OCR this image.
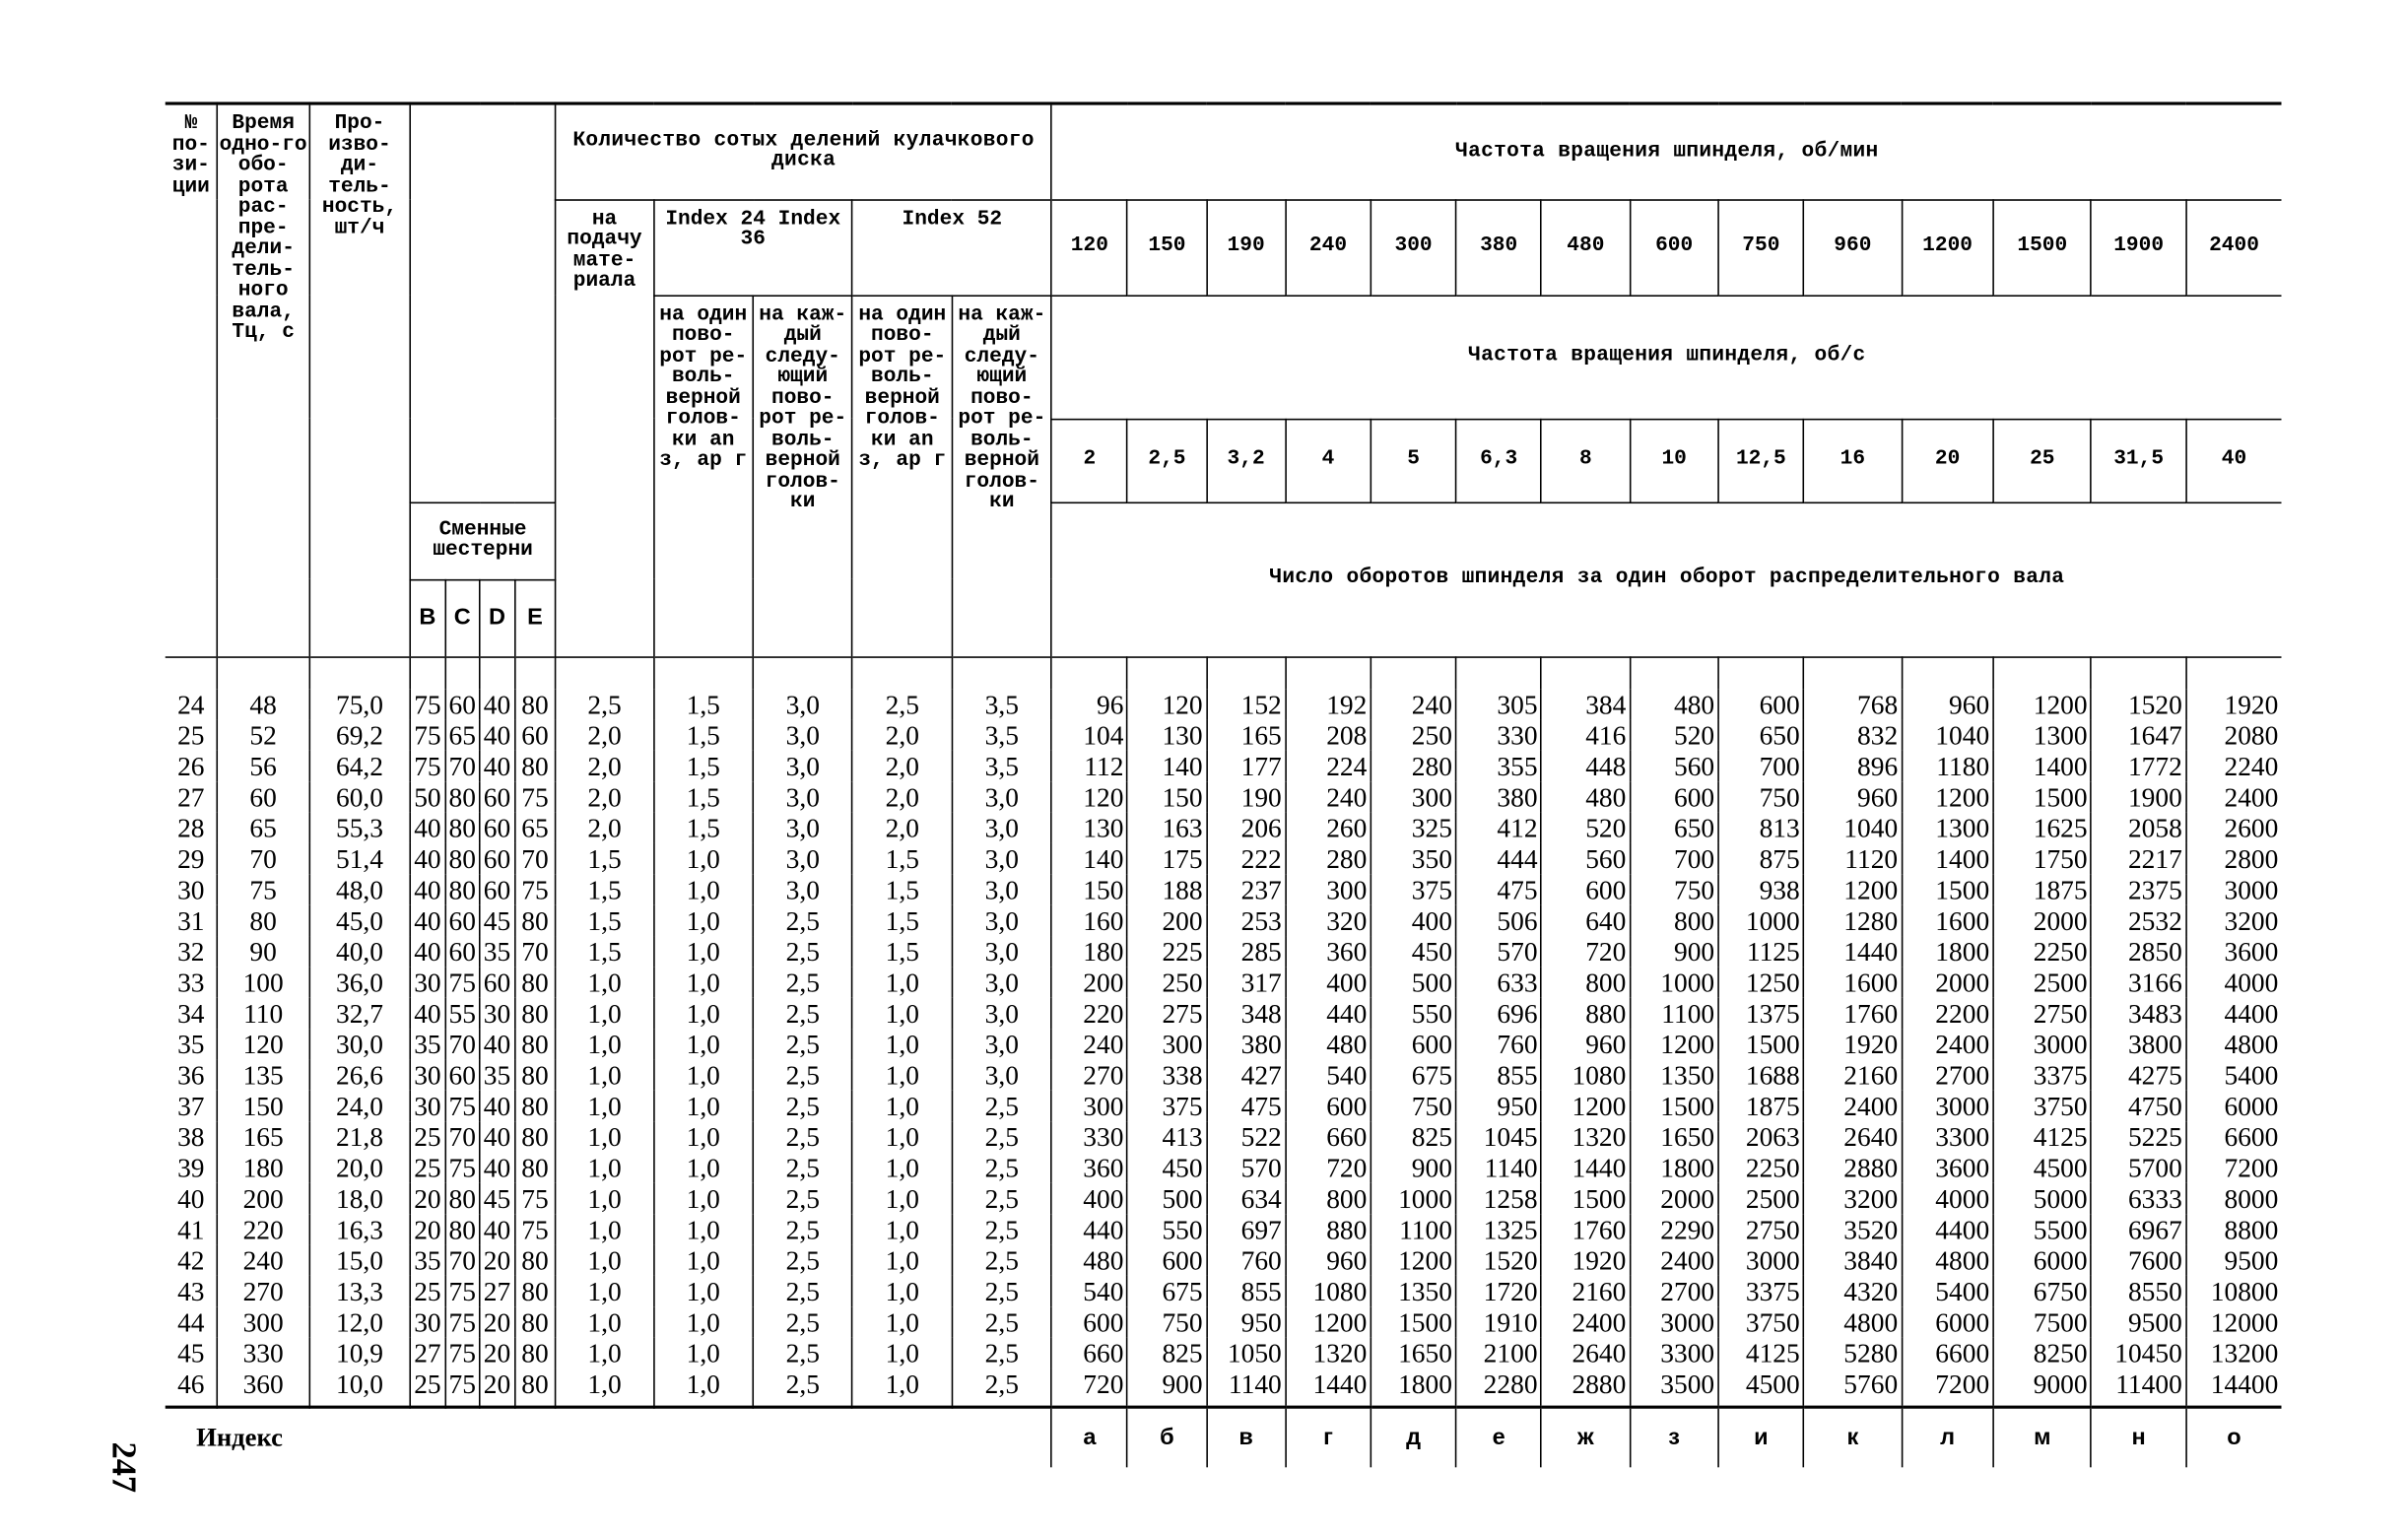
247
№ по-зи-ции	Время одно-го обо-рота рас-пре-дели-тель-ного вала, Тц, с	Про-изво-ди-тель-ность, шт/ч					Количество сотых делений кулачкового диска					Частота вращения шпинделя, об/мин													
							на подачу мате-риала	Index 24 Index 36		Index 52		120	150	190	240	300	380	480	600	750	960	1200	1500	1900	2400
								на один пово-рот ре-воль-верной голов-ки аn з, аp г	на каж-дый следу-ющий пово-рот ре-воль-верной голов-ки	на один пово-рот ре-воль-верной голов-ки аn з, аp г	на каж-дый следу-ющий пово-рот ре-воль-верной голов-ки	Частота вращения шпинделя, об/с													
												2	2,5	3,2	4	5	6,3	8	10	12,5	16	20	25	31,5	40
			Сменные шестерни									Число оборотов шпинделя за один оборот распределительного вала													
			B	C	D	E																			

24	48	75,0	75	60	40	80	2,5	1,5	3,0	2,5	3,5	96	120	152	192	240	305	384	480	600	768	960	1200	1520	1920
25	52	69,2	75	65	40	60	2,0	1,5	3,0	2,0	3,5	104	130	165	208	250	330	416	520	650	832	1040	1300	1647	2080
26	56	64,2	75	70	40	80	2,0	1,5	3,0	2,0	3,5	112	140	177	224	280	355	448	560	700	896	1180	1400	1772	2240
27	60	60,0	50	80	60	75	2,0	1,5	3,0	2,0	3,0	120	150	190	240	300	380	480	600	750	960	1200	1500	1900	2400
28	65	55,3	40	80	60	65	2,0	1,5	3,0	2,0	3,0	130	163	206	260	325	412	520	650	813	1040	1300	1625	2058	2600
29	70	51,4	40	80	60	70	1,5	1,0	3,0	1,5	3,0	140	175	222	280	350	444	560	700	875	1120	1400	1750	2217	2800
30	75	48,0	40	80	60	75	1,5	1,0	3,0	1,5	3,0	150	188	237	300	375	475	600	750	938	1200	1500	1875	2375	3000
31	80	45,0	40	60	45	80	1,5	1,0	2,5	1,5	3,0	160	200	253	320	400	506	640	800	1000	1280	1600	2000	2532	3200
32	90	40,0	40	60	35	70	1,5	1,0	2,5	1,5	3,0	180	225	285	360	450	570	720	900	1125	1440	1800	2250	2850	3600
33	100	36,0	30	75	60	80	1,0	1,0	2,5	1,0	3,0	200	250	317	400	500	633	800	1000	1250	1600	2000	2500	3166	4000
34	110	32,7	40	55	30	80	1,0	1,0	2,5	1,0	3,0	220	275	348	440	550	696	880	1100	1375	1760	2200	2750	3483	4400
35	120	30,0	35	70	40	80	1,0	1,0	2,5	1,0	3,0	240	300	380	480	600	760	960	1200	1500	1920	2400	3000	3800	4800
36	135	26,6	30	60	35	80	1,0	1,0	2,5	1,0	3,0	270	338	427	540	675	855	1080	1350	1688	2160	2700	3375	4275	5400
37	150	24,0	30	75	40	80	1,0	1,0	2,5	1,0	2,5	300	375	475	600	750	950	1200	1500	1875	2400	3000	3750	4750	6000
38	165	21,8	25	70	40	80	1,0	1,0	2,5	1,0	2,5	330	413	522	660	825	1045	1320	1650	2063	2640	3300	4125	5225	6600
39	180	20,0	25	75	40	80	1,0	1,0	2,5	1,0	2,5	360	450	570	720	900	1140	1440	1800	2250	2880	3600	4500	5700	7200
40	200	18,0	20	80	45	75	1,0	1,0	2,5	1,0	2,5	400	500	634	800	1000	1258	1500	2000	2500	3200	4000	5000	6333	8000
41	220	16,3	20	80	40	75	1,0	1,0	2,5	1,0	2,5	440	550	697	880	1100	1325	1760	2290	2750	3520	4400	5500	6967	8800
42	240	15,0	35	70	20	80	1,0	1,0	2,5	1,0	2,5	480	600	760	960	1200	1520	1920	2400	3000	3840	4800	6000	7600	9500
43	270	13,3	25	75	27	80	1,0	1,0	2,5	1,0	2,5	540	675	855	1080	1350	1720	2160	2700	3375	4320	5400	6750	8550	10800
44	300	12,0	30	75	20	80	1,0	1,0	2,5	1,0	2,5	600	750	950	1200	1500	1910	2400	3000	3750	4800	6000	7500	9500	12000
45	330	10,9	27	75	20	80	1,0	1,0	2,5	1,0	2,5	660	825	1050	1320	1650	2100	2640	3300	4125	5280	6600	8250	10450	13200
46	360	10,0	25	75	20	80	1,0	1,0	2,5	1,0	2,5	720	900	1140	1440	1800	2280	2880	3500	4500	5760	7200	9000	11400	14400
Индекс												а	б	в	г	д	е	ж	з	и	к	л	м	н	о
